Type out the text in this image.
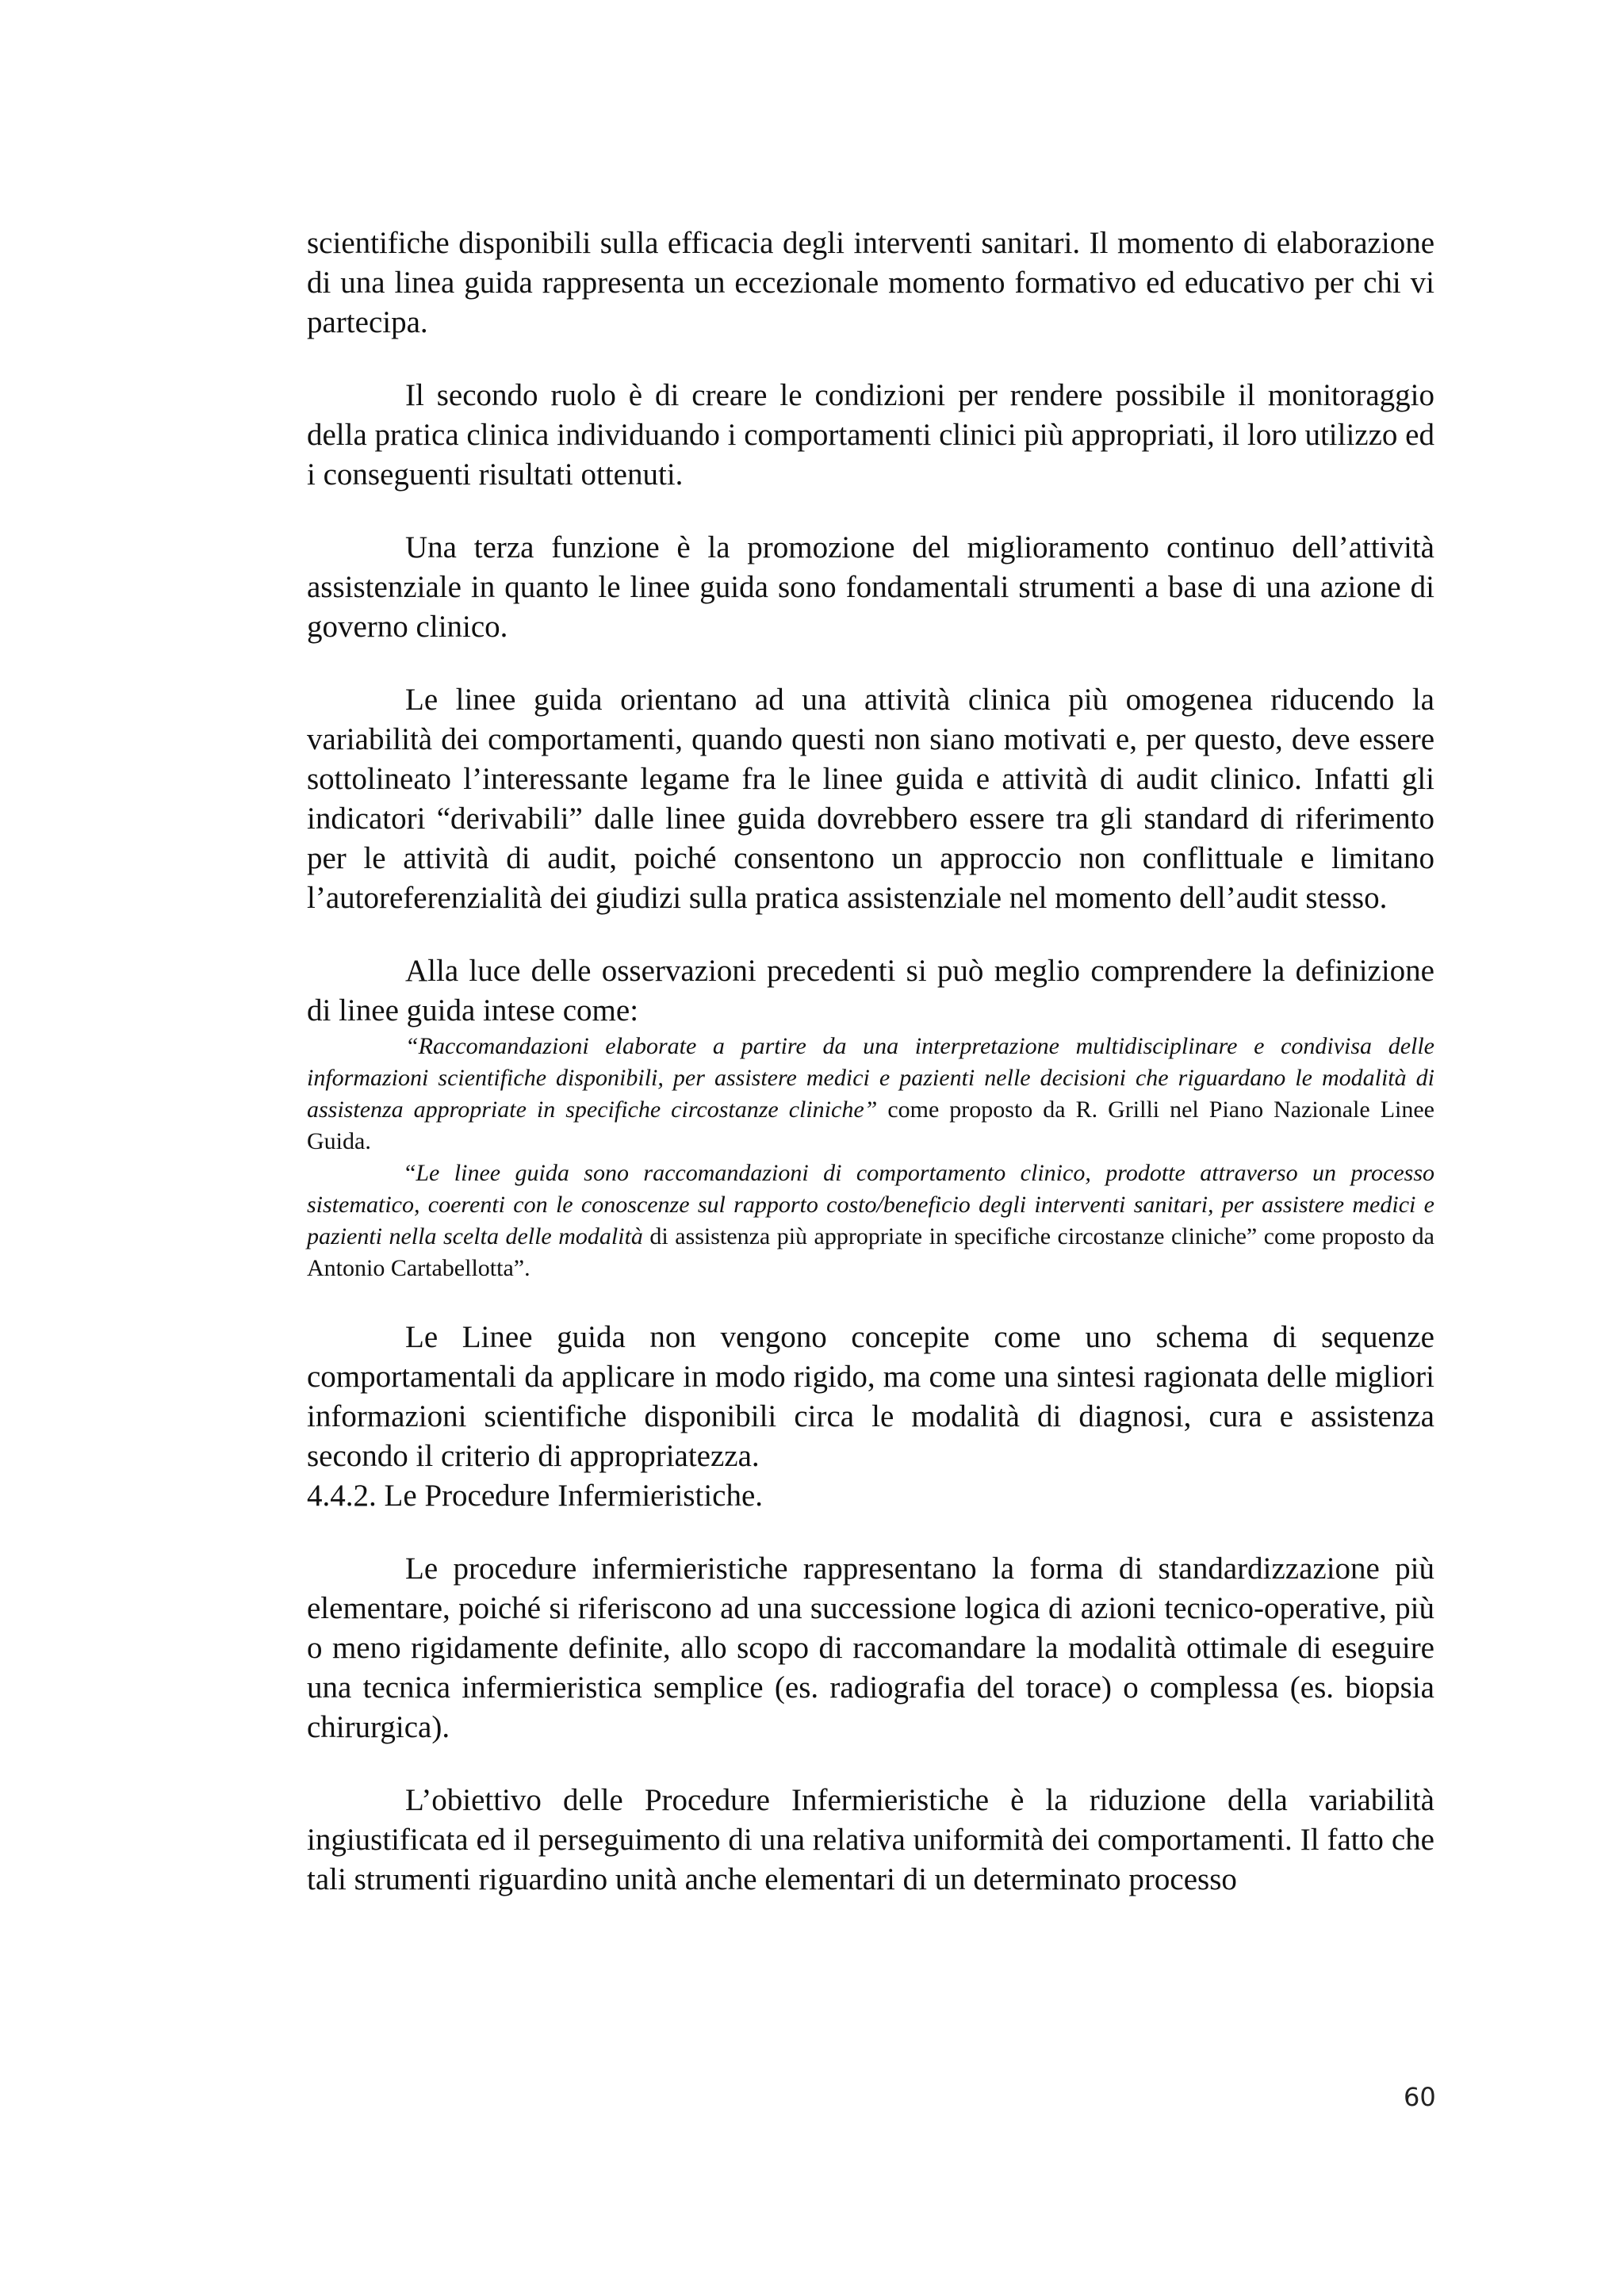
scientifiche disponibili sulla efficacia degli interventi sanitari. Il momento di elaborazione di una linea guida rappresenta un eccezionale momento formativo ed educativo per chi vi partecipa.

Il secondo ruolo è di creare le condizioni per rendere possibile il monitoraggio della pratica clinica individuando i comportamenti clinici più appropriati, il loro utilizzo ed i conseguenti risultati ottenuti.

Una terza funzione è la promozione del miglioramento continuo dell’attività assistenziale in quanto le linee guida sono fondamentali strumenti a base di una azione di governo clinico.

Le linee guida orientano ad una attività clinica più omogenea riducendo la variabilità dei comportamenti, quando questi non siano motivati e, per questo, deve essere sottolineato l’interessante legame fra le linee guida e attività di audit clinico. Infatti gli indicatori “derivabili” dalle linee guida dovrebbero essere tra gli standard di riferimento per le attività di audit, poiché consentono un approccio non conflittuale e limitano l’autoreferenzialità dei giudizi sulla pratica assistenziale nel momento dell’audit stesso.

Alla luce delle osservazioni precedenti si può meglio comprendere la definizione di linee guida intese come:

“Raccomandazioni elaborate a partire da una interpretazione multidisciplinare e condivisa delle informazioni scientifiche disponibili, per assistere medici e pazienti nelle decisioni che riguardano le modalità di assistenza appropriate in specifiche circostanze cliniche” come proposto da R. Grilli nel Piano Nazionale Linee Guida.

“Le linee guida sono raccomandazioni di comportamento clinico, prodotte attraverso un processo sistematico, coerenti con le conoscenze sul rapporto costo/beneficio degli interventi sanitari, per assistere medici e pazienti nella scelta delle modalità di assistenza più appropriate in specifiche circostanze cliniche” come proposto da Antonio Cartabellotta”.

Le Linee guida non vengono concepite come uno schema di sequenze comportamentali da applicare in modo rigido, ma come una sintesi ragionata delle migliori informazioni scientifiche disponibili circa le modalità di diagnosi, cura e assistenza secondo il criterio di appropriatezza.

4.4.2. Le Procedure Infermieristiche.

Le procedure infermieristiche rappresentano la forma di standardizzazione più elementare, poiché si riferiscono ad una successione logica di azioni tecnico-operative, più o meno rigidamente definite, allo scopo di raccomandare la modalità ottimale di eseguire una tecnica infermieristica semplice (es. radiografia del torace) o complessa (es. biopsia chirurgica).

L’obiettivo delle Procedure Infermieristiche è la riduzione della variabilità ingiustificata ed il perseguimento di una relativa uniformità dei comportamenti. Il fatto che tali strumenti riguardino unità anche elementari di un determinato processo

60
